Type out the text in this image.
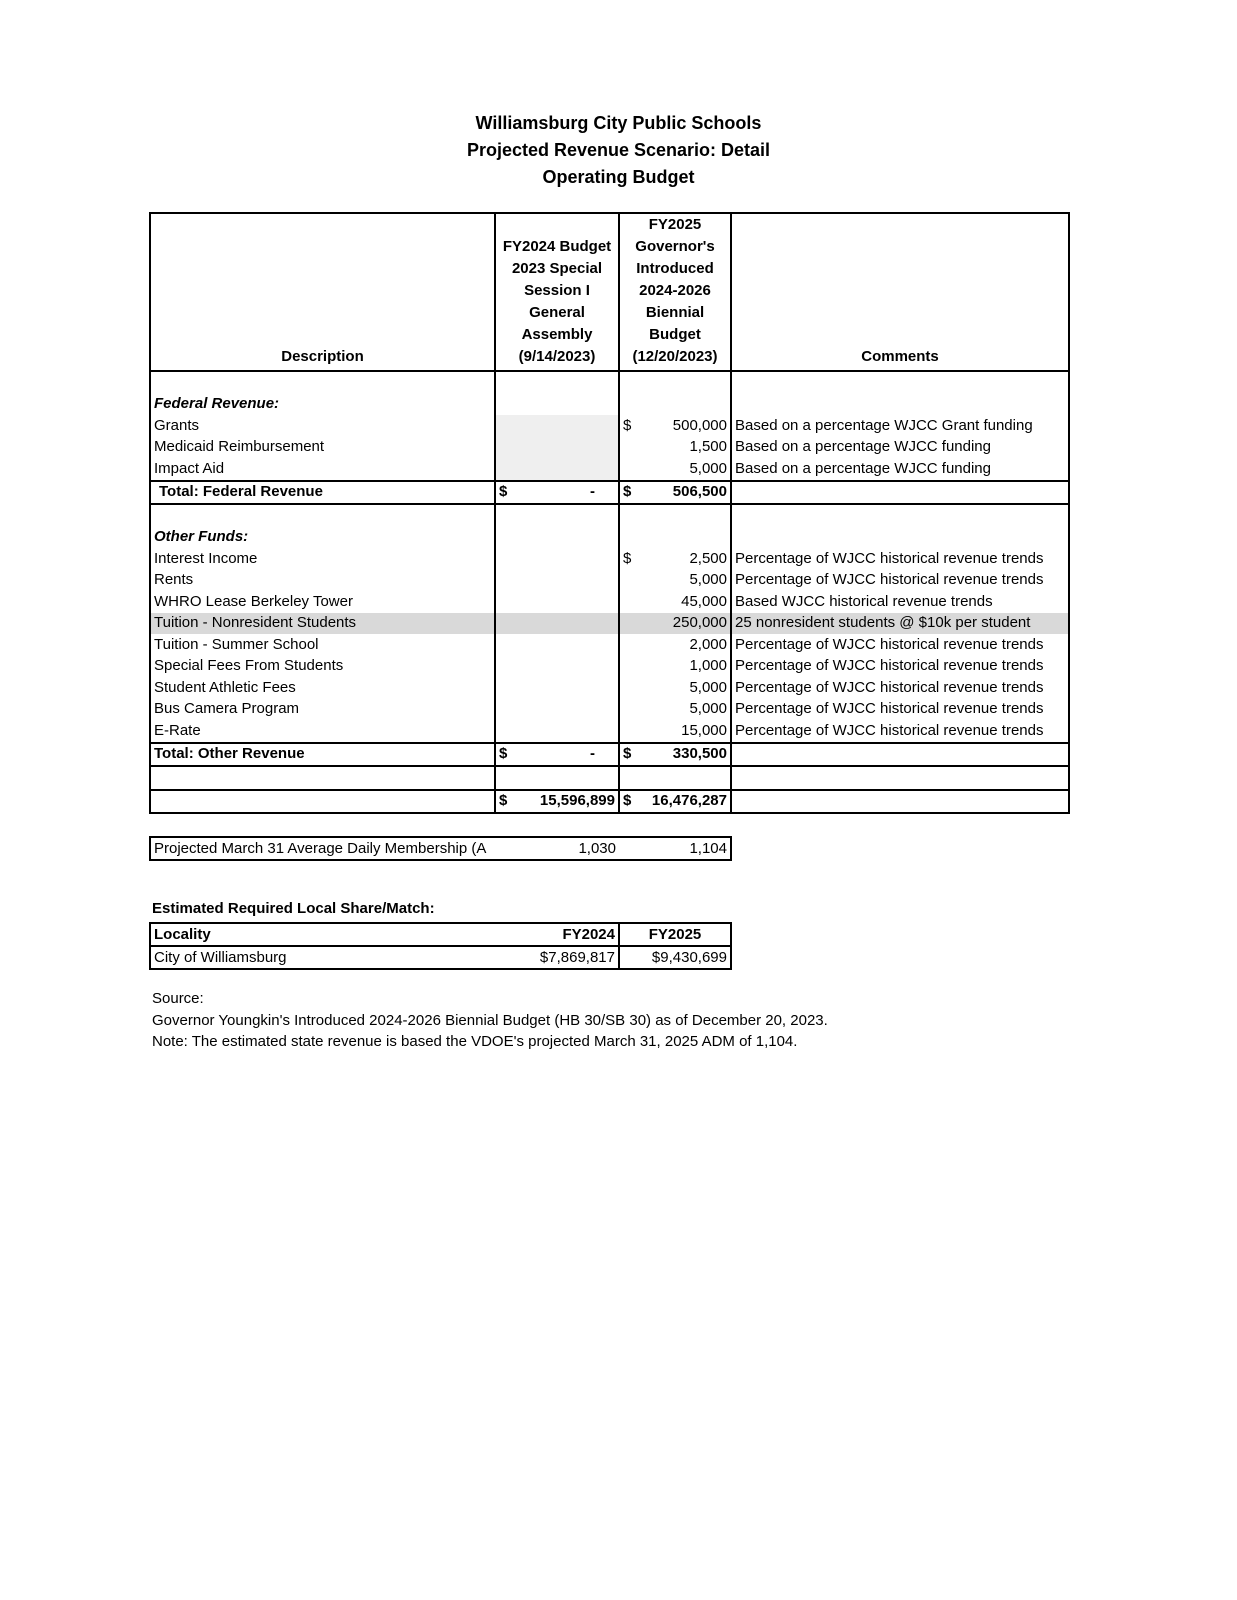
Williamsburg City Public Schools
Projected Revenue Scenario: Detail
Operating Budget
Description	FY2024 Budget 2023 Special Session I General Assembly (9/14/2023)	FY2025 Governor's Introduced 2024-2026 Biennial Budget (12/20/2023)	Comments

Federal Revenue:			
Grants		$ 500,000	Based on a percentage WJCC Grant funding
Medicaid Reimbursement		1,500	Based on a percentage WJCC funding
Impact Aid		5,000	Based on a percentage WJCC funding
Total: Federal Revenue	$ -	$ 506,500	

Other Funds:			
Interest Income		$ 2,500	Percentage of WJCC historical revenue trends
Rents		5,000	Percentage of WJCC historical revenue trends
WHRO Lease Berkeley Tower		45,000	Based WJCC historical revenue trends
Tuition - Nonresident Students		250,000	25 nonresident students @ $10k per student
Tuition - Summer School		2,000	Percentage of WJCC historical revenue trends
Special Fees From Students		1,000	Percentage of WJCC historical revenue trends
Student Athletic Fees		5,000	Percentage of WJCC historical revenue trends
Bus Camera Program		5,000	Percentage of WJCC historical revenue trends
E-Rate		15,000	Percentage of WJCC historical revenue trends
Total: Other Revenue	$ -	$ 330,500	

	$ 15,596,899	$ 16,476,287	
Projected March 31 Average Daily Membership (A	1,030	1,104
Estimated Required Local Share/Match:
Locality	FY2024	FY2025
City of Williamsburg	$7,869,817	$9,430,699
Source:
Governor Youngkin's Introduced 2024-2026 Biennial Budget (HB 30/SB 30) as of December 20, 2023.
Note: The estimated state revenue is based the VDOE's projected March 31, 2025 ADM of 1,104.
